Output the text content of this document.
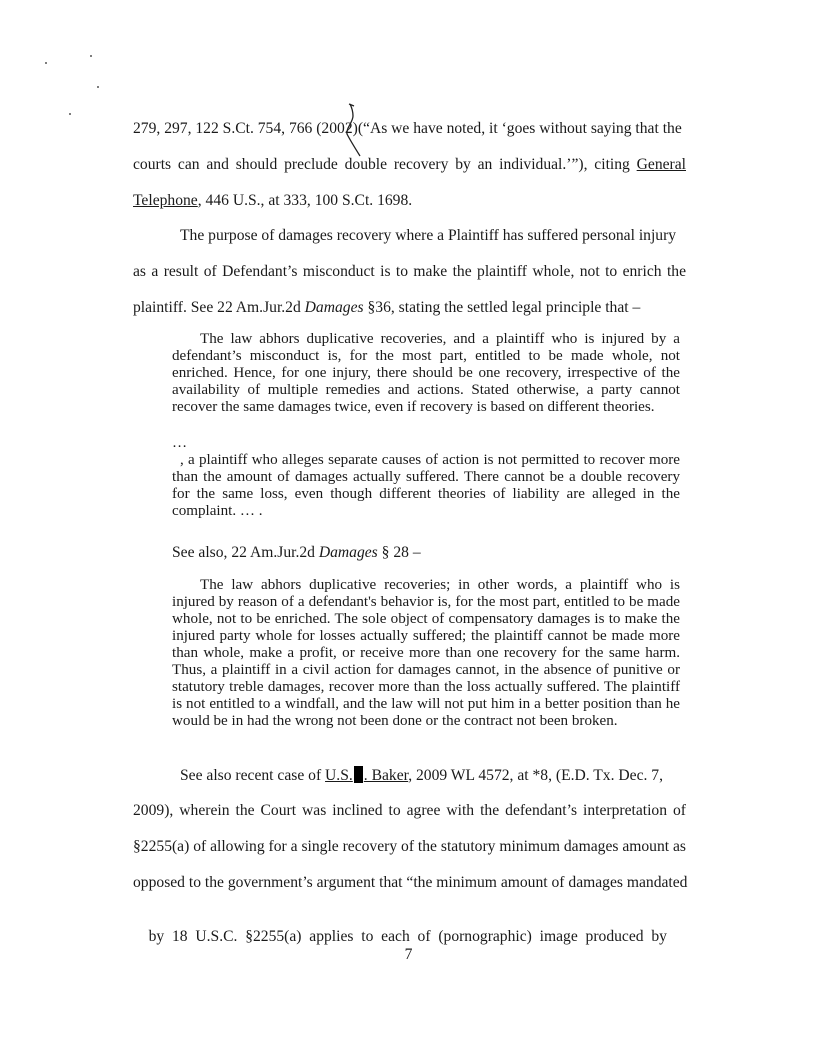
279, 297, 122 S.Ct. 754, 766 (2002)(“As we have noted, it ‘goes without saying that the
courts can and should preclude double recovery by an individual.’”), citing General
Telephone, 446 U.S., at 333, 100 S.Ct. 1698.
The purpose of damages recovery where a Plaintiff has suffered personal injury
as a result of Defendant’s misconduct is to make the plaintiff whole, not to enrich the
plaintiff. See 22 Am.Jur.2d Damages §36, stating the settled legal principle that –

The law abhors duplicative recoveries, and a plaintiff who is injured by a defendant’s misconduct is, for the most part, entitled to be made whole, not enriched. Hence, for one injury, there should be one recovery, irrespective of the availability of multiple remedies and actions. Stated otherwise, a party cannot recover the same damages twice, even if recovery is based on different theories.

…

, a plaintiff who alleges separate causes of action is not permitted to recover more than the amount of damages actually suffered. There cannot be a double recovery for the same loss, even though different theories of liability are alleged in the complaint. … .

See also, 22 Am.Jur.2d Damages § 28 –

The law abhors duplicative recoveries; in other words, a plaintiff who is injured by reason of a defendant's behavior is, for the most part, entitled to be made whole, not to be enriched. The sole object of compensatory damages is to make the injured party whole for losses actually suffered; the plaintiff cannot be made more than whole, make a profit, or receive more than one recovery for the same harm. Thus, a plaintiff in a civil action for damages cannot, in the absence of punitive or statutory treble damages, recover more than the loss actually suffered. The plaintiff is not entitled to a windfall, and the law will not put him in a better position than he would be in had the wrong not been done or the contract not been broken.

See also recent case of U.S. . Baker, 2009 WL 4572, at *8, (E.D. Tx. Dec. 7,
2009), wherein the Court was inclined to agree with the defendant’s interpretation of
§2255(a) of allowing for a single recovery of the statutory minimum damages amount as
opposed to the government’s argument that “the minimum amount of damages mandated

by  18  U.S.C.  §2255(a)  applies  to  each  of  (pornographic)  image  produced  by

7
